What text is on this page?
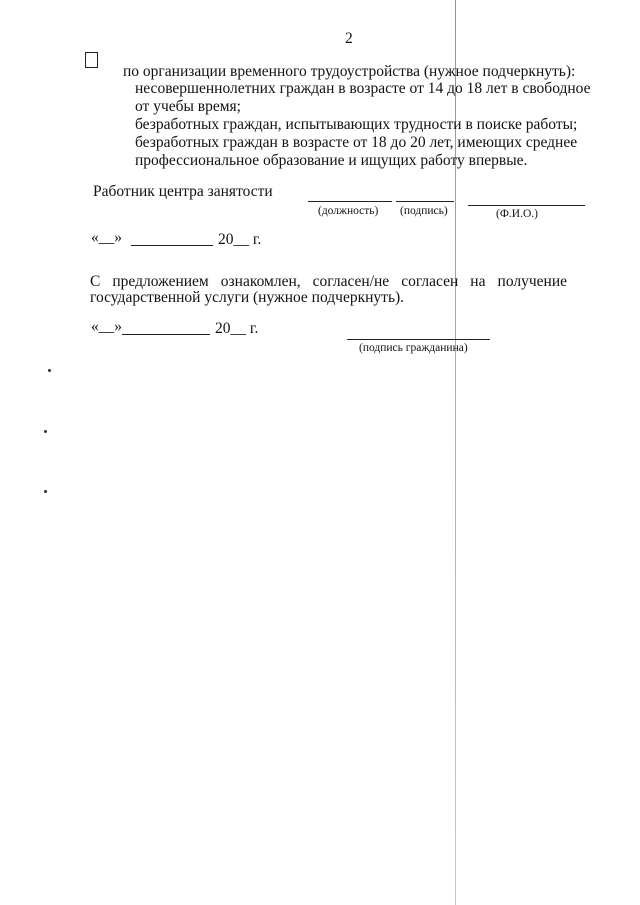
2
по организации временного трудоустройства (нужное подчеркнуть):
несовершеннолетних граждан в возрасте от 14 до 18 лет в свободное
от учебы время;
безработных граждан, испытывающих трудности в поиске работы;
безработных граждан в возрасте от 18 до 20 лет, имеющих среднее
профессиональное образование и ищущих работу впервые.
Работник центра занятости
(должность) (подпись)	(Ф.И.О.)
«__»	20__ г.
С предложением ознакомлен, согласен/не согласен на получение
государственной услуги (нужное подчеркнуть).
«__»	20__ г.
(подпись гражданина)
